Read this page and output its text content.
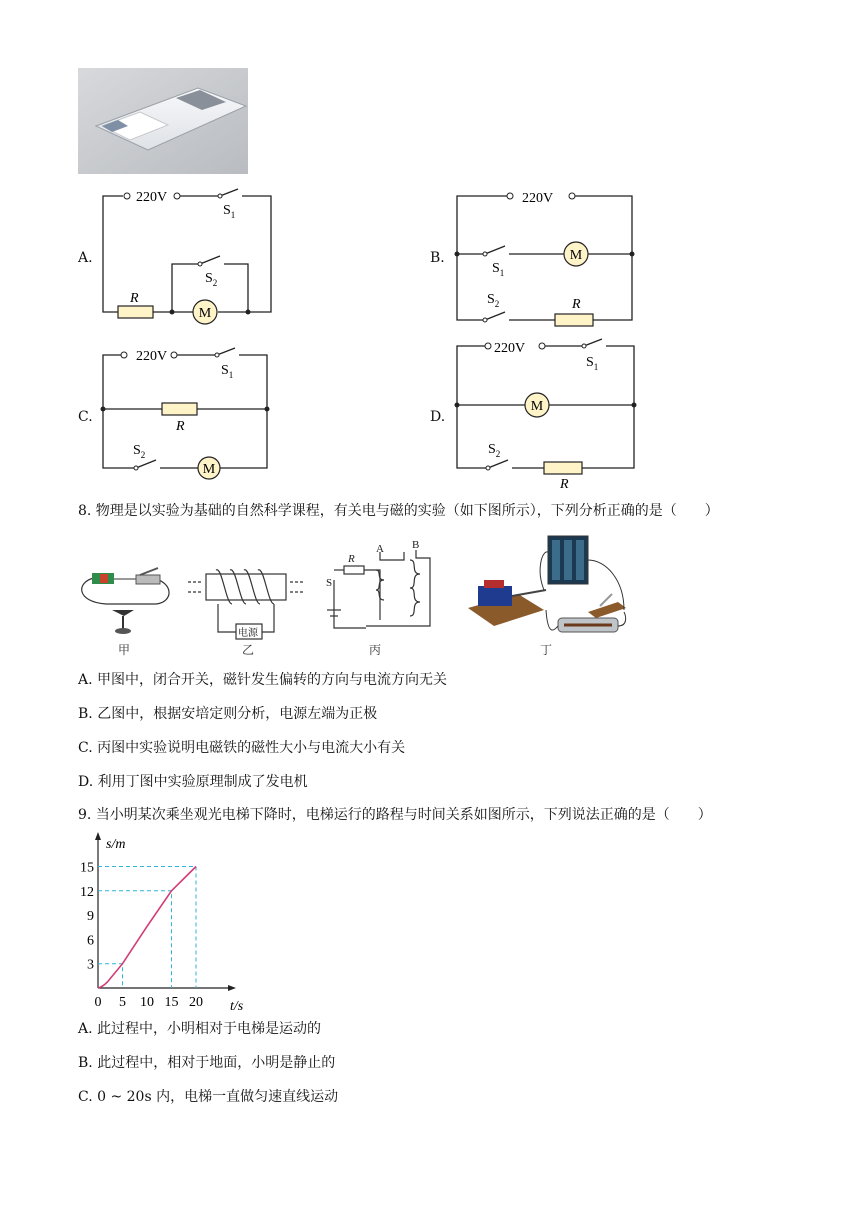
A.
M
220V
$S_1$
$S_2$
R
B.	M
220V
$S_1$
$S_2$	R
C.
M
220V
$S_1$
$S_2$
R
D.
M
220V
$S_1$
$S_2$
R
8. 物理是以实验为基础的自然科学课程，有关电与磁的实验（如下图所示），下列分析正确的是（　　）
甲
电源
乙
S
R
A	B
丙	丁
A. 甲图中，闭合开关，磁针发生偏转的方向与电流方向无关
B. 乙图中，根据安培定则分析，电源左端为正极
C. 丙图中实验说明电磁铁的磁性大小与电流大小有关
D. 利用丁图中实验原理制成了发电机
9. 当小明某次乘坐观光电梯下降时，电梯运行的路程与时间关系如图所示，下列说法正确的是（　　）
0 5 10 15 20
3
6
9
12
15
s/m
t/s
A. 此过程中，小明相对于电梯是运动的
B. 此过程中，相对于地面，小明是静止的
C. 0 ~ 20s 内，电梯一直做匀速直线运动
